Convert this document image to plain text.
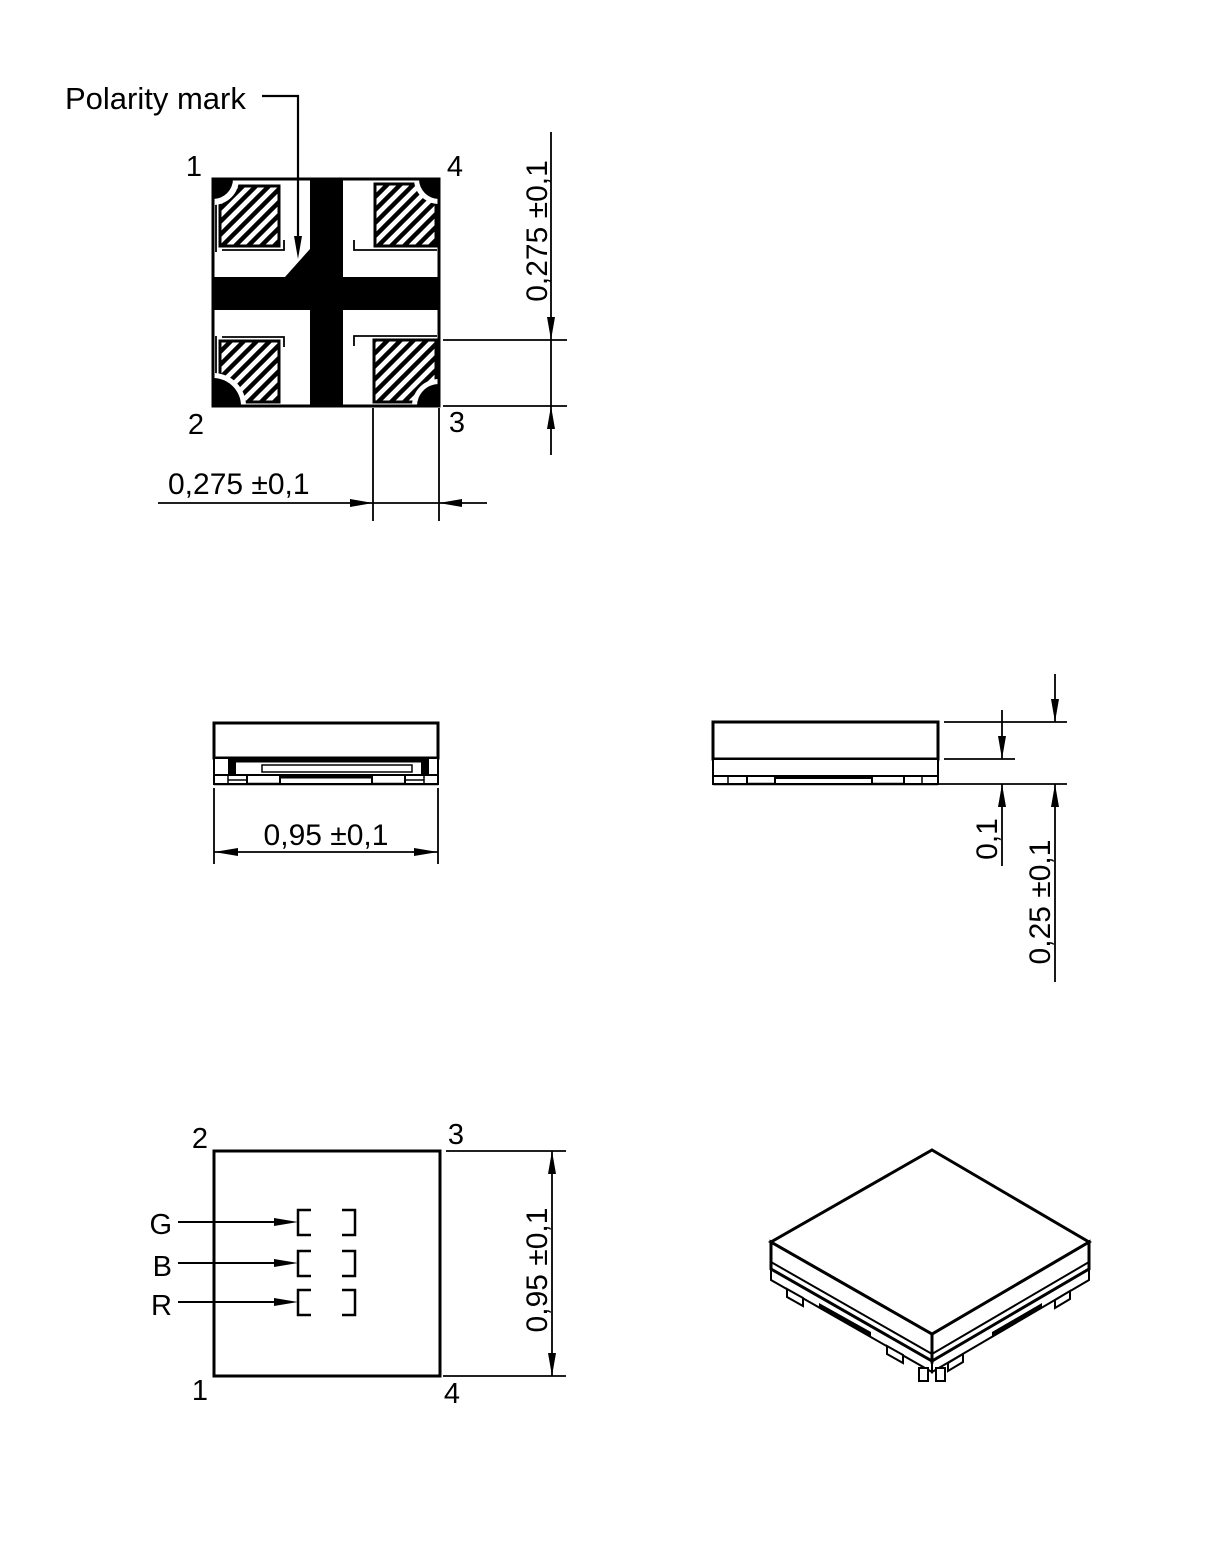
Polarity mark
1	4
2	3
0,275 ±0,1
0,275 ±0,1
0,95 ±0,1	0,1
0,25 ±0,1
G
B
R
2	3
1	4
0,95 ±0,1
